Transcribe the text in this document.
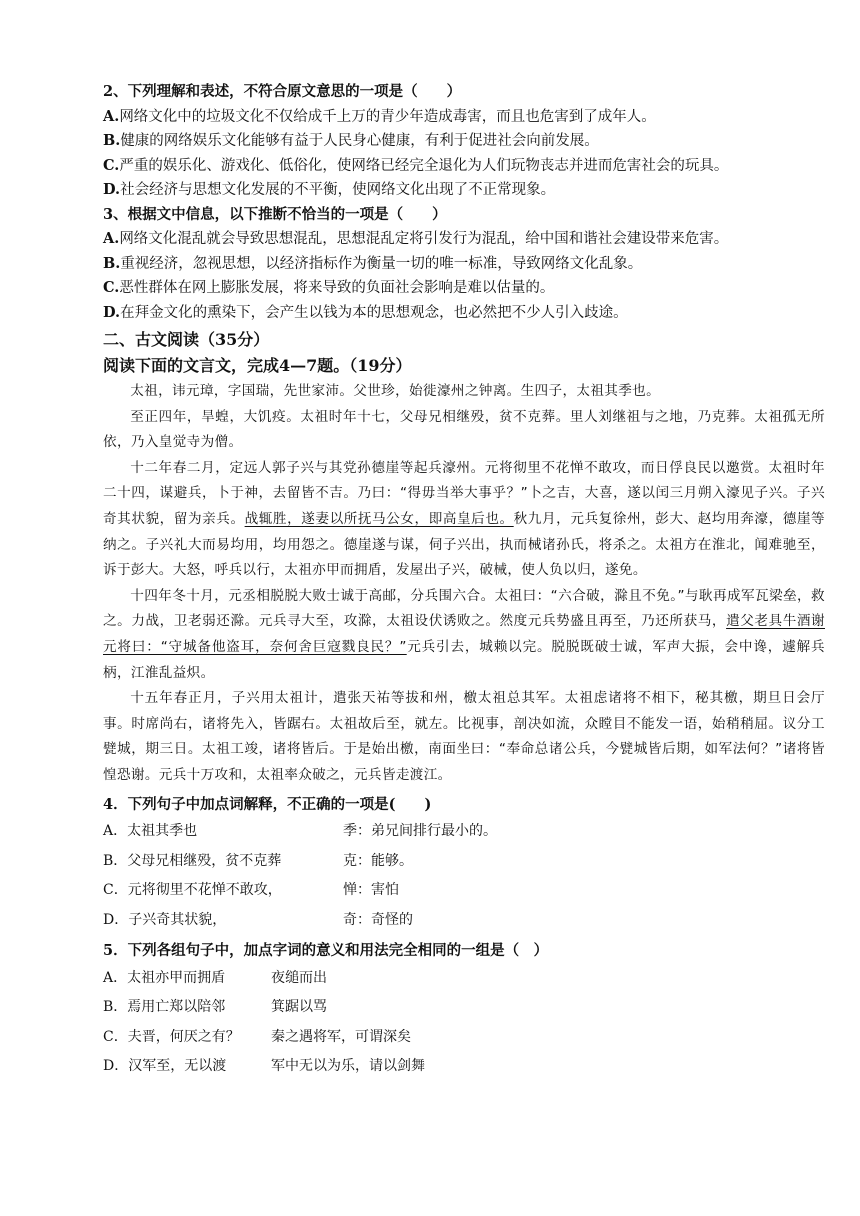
2、下列理解和表述，不符合原文意思的一项是（　　）

A.网络文化中的垃圾文化不仅给成千上万的青少年造成毒害，而且也危害到了成年人。

B.健康的网络娱乐文化能够有益于人民身心健康，有利于促进社会向前发展。

C.严重的娱乐化、游戏化、低俗化，使网络已经完全退化为人们玩物丧志并进而危害社会的玩具。

D.社会经济与思想文化发展的不平衡，使网络文化出现了不正常现象。

3、根据文中信息，以下推断不恰当的一项是（　　）

A.网络文化混乱就会导致思想混乱，思想混乱定将引发行为混乱，给中国和谐社会建设带来危害。

B.重视经济，忽视思想，以经济指标作为衡量一切的唯一标准，导致网络文化乱象。

C.恶性群体在网上膨胀发展，将来导致的负面社会影响是难以估量的。

D.在拜金文化的熏染下，会产生以钱为本的思想观念，也必然把不少人引入歧途。

二、古文阅读（35分）

阅读下面的文言文，完成4—7题。（19分）

太祖，讳元璋，字国瑞，先世家沛。父世珍，始徙濠州之钟离。生四子，太祖其季也。

至正四年，旱蝗，大饥疫。太祖时年十七，父母兄相继殁，贫不克葬。里人刘继祖与之地，乃克葬。太祖孤无所依，乃入皇觉寺为僧。

十二年春二月，定远人郭子兴与其党孙德崖等起兵濠州。元将彻里不花惮不敢攻，而日俘良民以邀赏。太祖时年二十四，谋避兵，卜于神，去留皆不吉。乃曰：“得毋当举大事乎？”卜之吉，大喜，遂以闰三月朔入濠见子兴。子兴奇其状貌，留为亲兵。战辄胜，遂妻以所抚马公女，即高皇后也。秋九月，元兵复徐州，彭大、赵均用奔濠，德崖等纳之。子兴礼大而易均用，均用怨之。德崖遂与谋，伺子兴出，执而械诸孙氏，将杀之。太祖方在淮北，闻难驰至，诉于彭大。大怒，呼兵以行，太祖亦甲而拥盾，发屋出子兴，破械，使人负以归，遂免。

十四年冬十月，元丞相脱脱大败士诚于高邮，分兵围六合。太祖曰：“六合破，滁且不免。”与耿再成军瓦梁垒，救之。力战，卫老弱还滁。元兵寻大至，攻滁，太祖设伏诱败之。然度元兵势盛且再至，乃还所获马，遣父老具牛酒谢元将曰：“守城备他盗耳，奈何舍巨寇戮良民？”元兵引去，城赖以完。脱脱既破士诚，军声大振，会中谗，遽解兵柄，江淮乱益炽。

十五年春正月，子兴用太祖计，遣张天祐等拔和州，檄太祖总其军。太祖虑诸将不相下，秘其檄，期旦日会厅事。时席尚右，诸将先入，皆踞右。太祖故后至，就左。比视事，剖决如流，众瞠目不能发一语，始稍稍屈。议分工甓城，期三日。太祖工竣，诸将皆后。于是始出檄，南面坐曰：“奉命总诸公兵，今甓城皆后期，如军法何？”诸将皆惶恐谢。元兵十万攻和，太祖率众破之，元兵皆走渡江。

4．下列句子中加点词解释，不正确的一项是(　　)

A．太祖其季也	季：弟兄间排行最小的。
B．父母兄相继殁，贫不克葬	克：能够。
C．元将彻里不花惮不敢攻，	惮：害怕
D．子兴奇其状貌，	奇：奇怪的

5．下列各组句子中，加点字词的意义和用法完全相同的一组是（　）

A．太祖亦甲而拥盾	夜缒而出
B．焉用亡郑以陪邻	箕踞以骂
C．夫晋，何厌之有？	秦之遇将军，可谓深矣
D．汉军至，无以渡	军中无以为乐，请以剑舞
